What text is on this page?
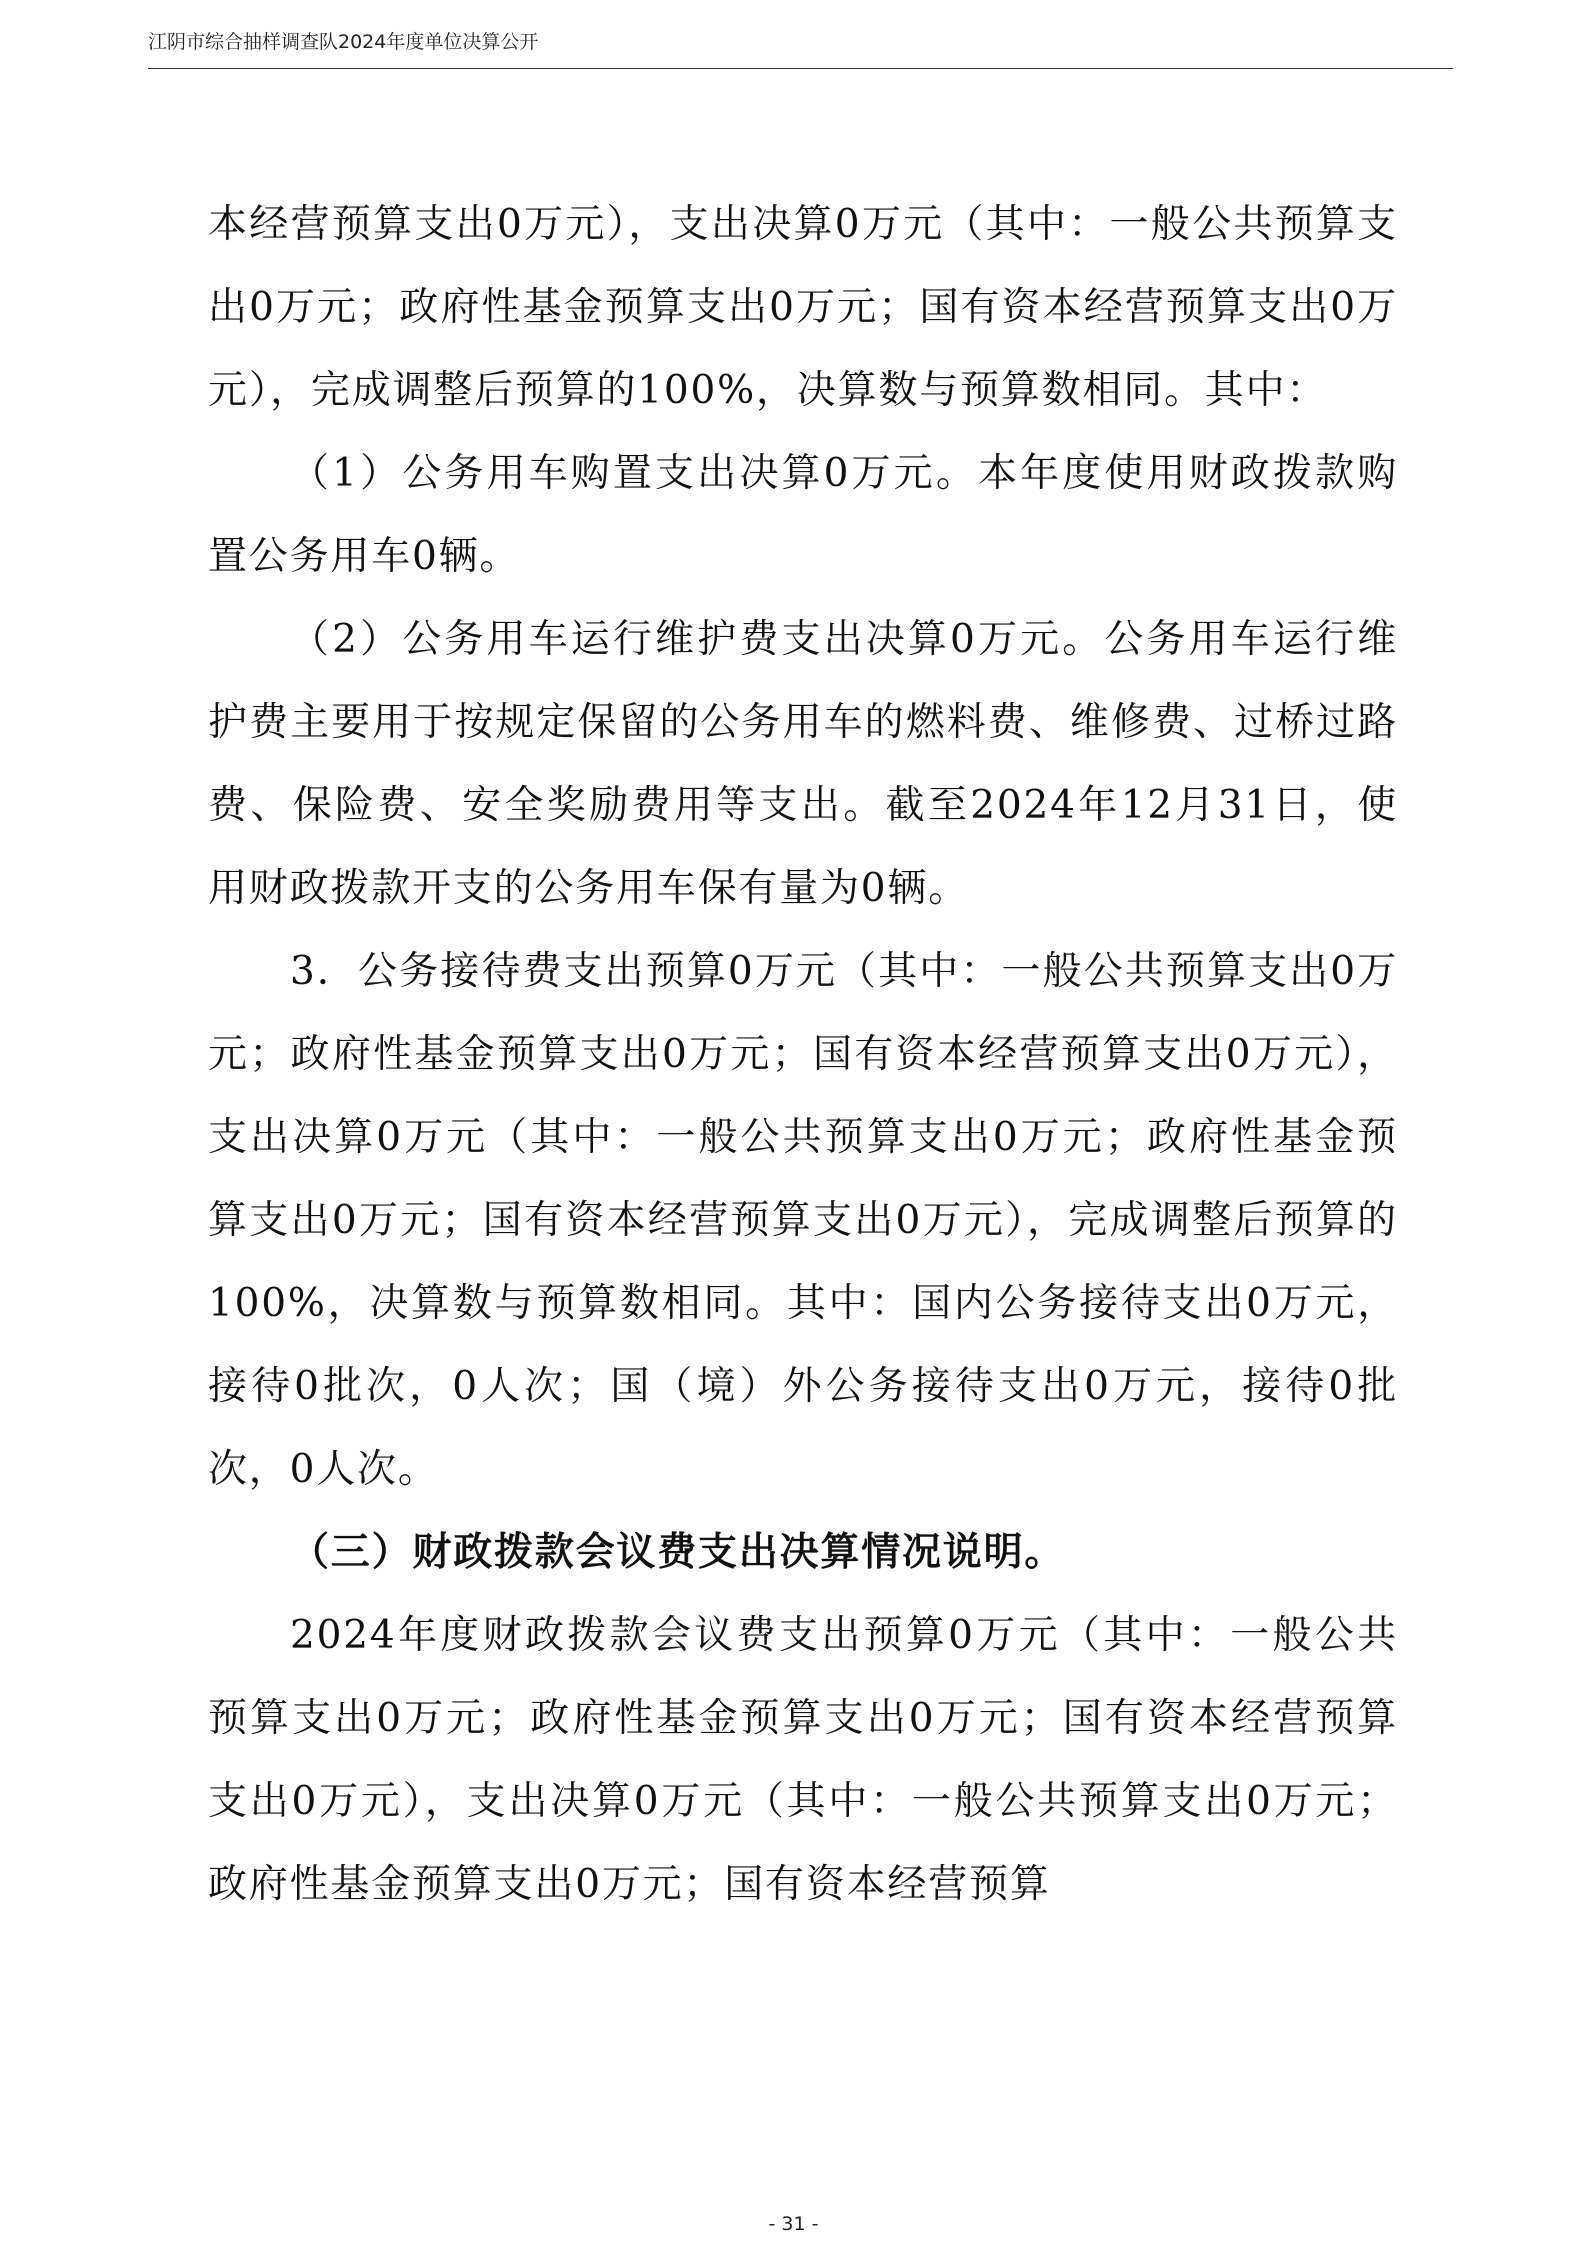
江阴市综合抽样调查队2024年度单位决算公开

本经营预算支出0万元），支出决算0万元（其中：一般公共预算支出0万元；政府性基金预算支出0万元；国有资本经营预算支出0万元），完成调整后预算的100%，决算数与预算数相同。其中：

（1）公务用车购置支出决算0万元。本年度使用财政拨款购置公务用车0辆。

（2）公务用车运行维护费支出决算0万元。公务用车运行维护费主要用于按规定保留的公务用车的燃料费、维修费、过桥过路费、保险费、安全奖励费用等支出。截至2024年12月31日，使用财政拨款开支的公务用车保有量为0辆。

3．公务接待费支出预算0万元（其中：一般公共预算支出0万元；政府性基金预算支出0万元；国有资本经营预算支出0万元），支出决算0万元（其中：一般公共预算支出0万元；政府性基金预算支出0万元；国有资本经营预算支出0万元），完成调整后预算的100%，决算数与预算数相同。其中：国内公务接待支出0万元，接待0批次，0人次；国（境）外公务接待支出0万元，接待0批次，0人次。

（三）财政拨款会议费支出决算情况说明。

2024年度财政拨款会议费支出预算0万元（其中：一般公共预算支出0万元；政府性基金预算支出0万元；国有资本经营预算支出0万元），支出决算0万元（其中：一般公共预算支出0万元；政府性基金预算支出0万元；国有资本经营预算

- 31 -
